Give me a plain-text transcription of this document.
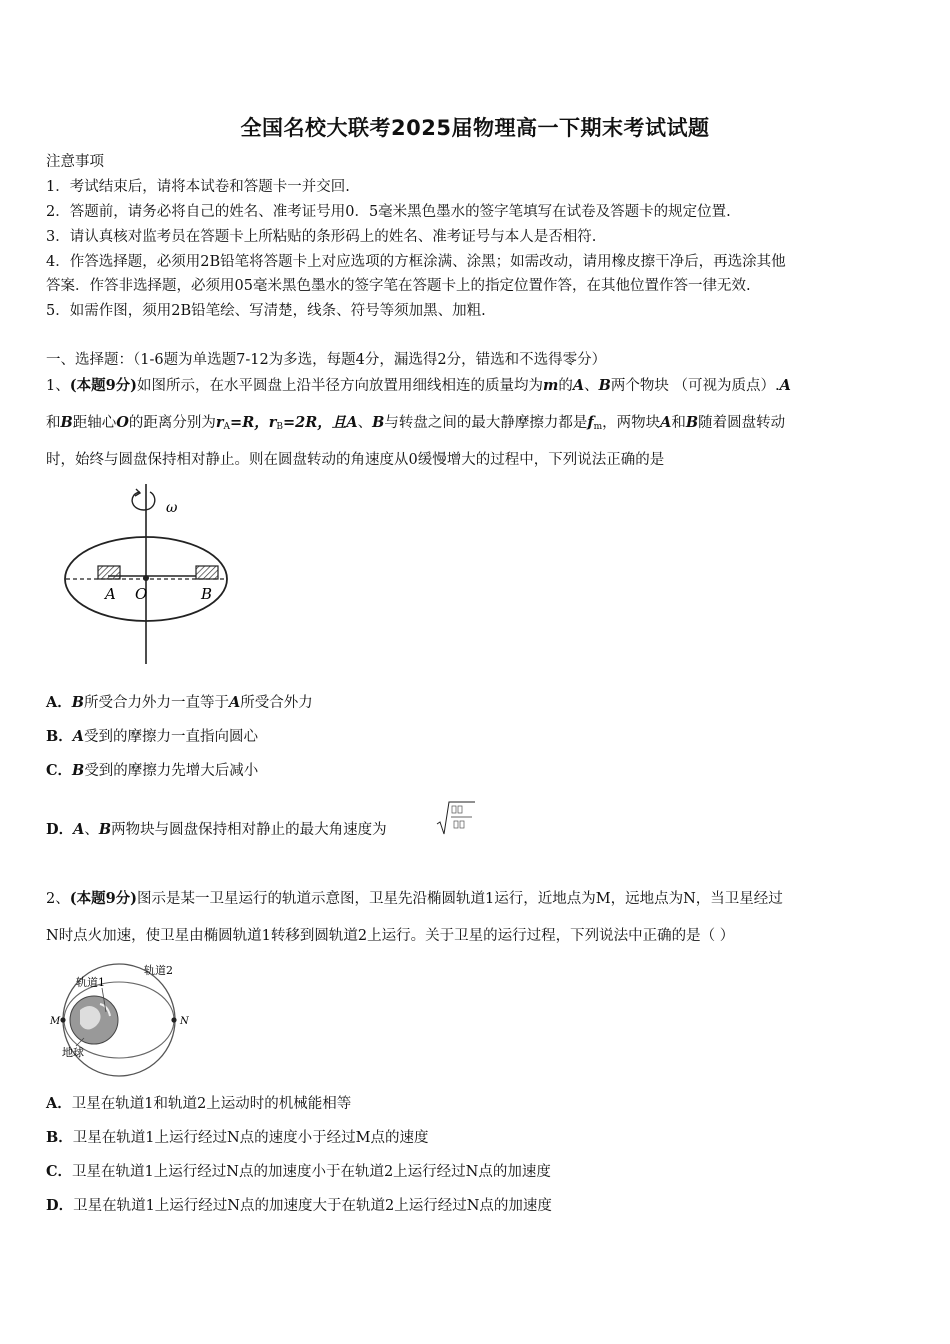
全国名校大联考2025届物理高一下期末考试试题
注意事项
1．考试结束后，请将本试卷和答题卡一并交回.
2．答题前，请务必将自己的姓名、准考证号用0．5毫米黑色墨水的签字笔填写在试卷及答题卡的规定位置.
3．请认真核对监考员在答题卡上所粘贴的条形码上的姓名、准考证号与本人是否相符.
4．作答选择题，必须用2B铅笔将答题卡上对应选项的方框涂满、涂黑；如需改动，请用橡皮擦干净后，再选涂其他
答案．作答非选择题，必须用05毫米黑色墨水的签字笔在答题卡上的指定位置作答，在其他位置作答一律无效.
5．如需作图，须用2B铅笔绘、写清楚，线条、符号等须加黑、加粗.
一、选择题：（1-6题为单选题7-12为多选，每题4分，漏选得2分，错选和不选得零分）
1、(本题9分)如图所示，在水平圆盘上沿半径方向放置用细线相连的质量均为m的A、B两个物块 （可视为质点）.A
和B距轴心O的距离分别为$r_A=R$，$r_B=2R$，且A、B与转盘之间的最大静摩擦力都是$f_m$，两物块A和B随着圆盘转动
时，始终与圆盘保持相对静止。则在圆盘转动的角速度从0缓慢增大的过程中，下列说法正确的是
ω
A O	B
A．B所受合力外力一直等于A所受合外力
B．A受到的摩擦力一直指向圆心
C．B受到的摩擦力先增大后减小
D．A、B两物块与圆盘保持相对静止的最大角速度为
2、(本题9分)图示是某一卫星运行的轨道示意图，卫星先沿椭圆轨道1运行，近地点为M，远地点为N，当卫星经过
N时点火加速，使卫星由椭圆轨道1转移到圆轨道2上运行。关于卫星的运行过程，下列说法中正确的是（ ）
轨道1
轨道2
M	N
地球
A．卫星在轨道1和轨道2上运动时的机械能相等
B．卫星在轨道1上运行经过N点的速度小于经过M点的速度
C．卫星在轨道1上运行经过N点的加速度小于在轨道2上运行经过N点的加速度
D．卫星在轨道1上运行经过N点的加速度大于在轨道2上运行经过N点的加速度
